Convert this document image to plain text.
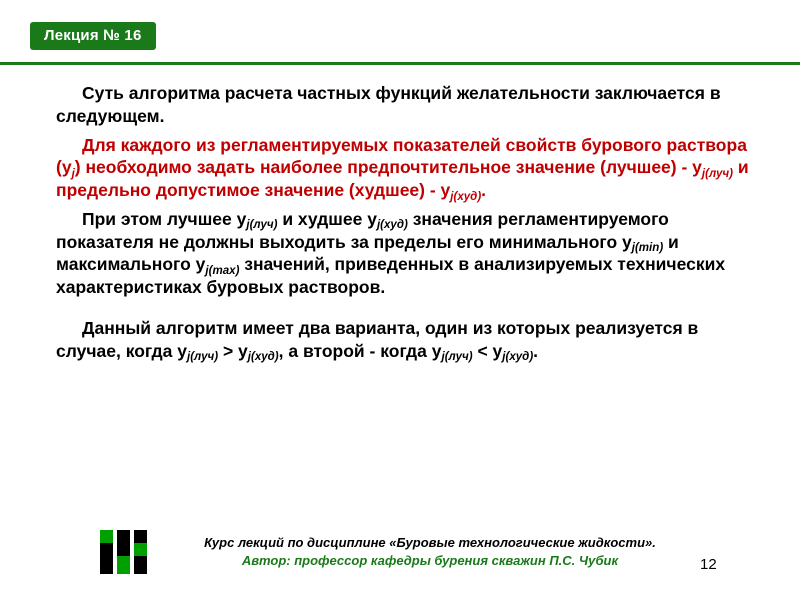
Лекция № 16

Суть алгоритма расчета частных функций желательности заключается в следующем.

Для каждого из регламентируемых показателей свойств бурового раствора $(y_j)$ необходимо задать наиболее предпочтительное значение (лучшее) - $y_{j(луч)}$ и предельно допустимое значение (худшее) - $y_{j(худ)}$.

При этом лучшее $y_{j(луч)}$ и худшее $y_{j(худ)}$ значения регламентируемого показателя не должны выходить за пределы его минимального $y_{j(min)}$ и максимального $y_{j(max)}$ значений, приведенных в анализируемых технических характеристиках буровых растворов.

Данный алгоритм имеет два варианта, один из которых реализуется в случае, когда $y_{j(луч)} > y_{j(худ)}$, а второй - когда $y_{j(луч)} < y_{j(худ)}$.

Курс лекций по дисциплине «Буровые технологические жидкости».

Автор: профессор кафедры бурения скважин П.С. Чубик	12
